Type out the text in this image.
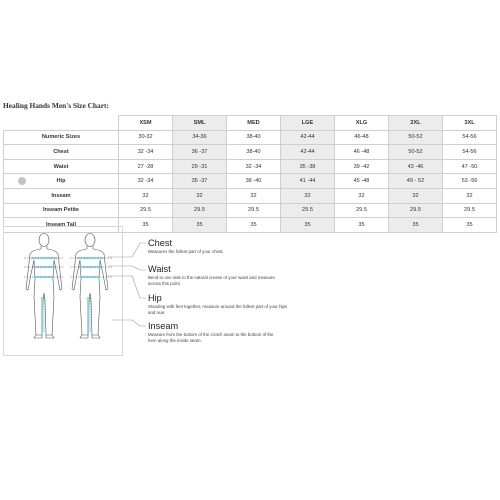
Healing Hands Men's Size Chart:
	XSM	SML	MED	LGE	XLG	2XL	3XL
Numeric Sizes	30-32	34-36	38-40	42-44	46-48	50-52	54-56
Chest	32 -34	36 -37	38-40	42-44	46 -48	50-52	54-56
Waist	27 -28	29 -31	32 -34	35 -38	39 -42	43 -46	47 -50

Hip	32 -34	35 -37	38 -40	41 -44	45 -48	49 - 52	53 -56
Inseam	32	32	32	32	32	32	32
Inseam Petite	29.5	29.5	29.5	29.5	29.5	29.5	29.5
Inseam Tall	35	35	35	35	35	35	35
Chest
Measures the fullest part of your chest.
Waist
Bend to one side to the natural crease of your waist and measure across this point.
Hip
Standing with feet together, measure around the fullest part of your hips and rear.
Inseam
Measure from the bottom of the crotch seam to the bottom of the hem along the inside seam.
